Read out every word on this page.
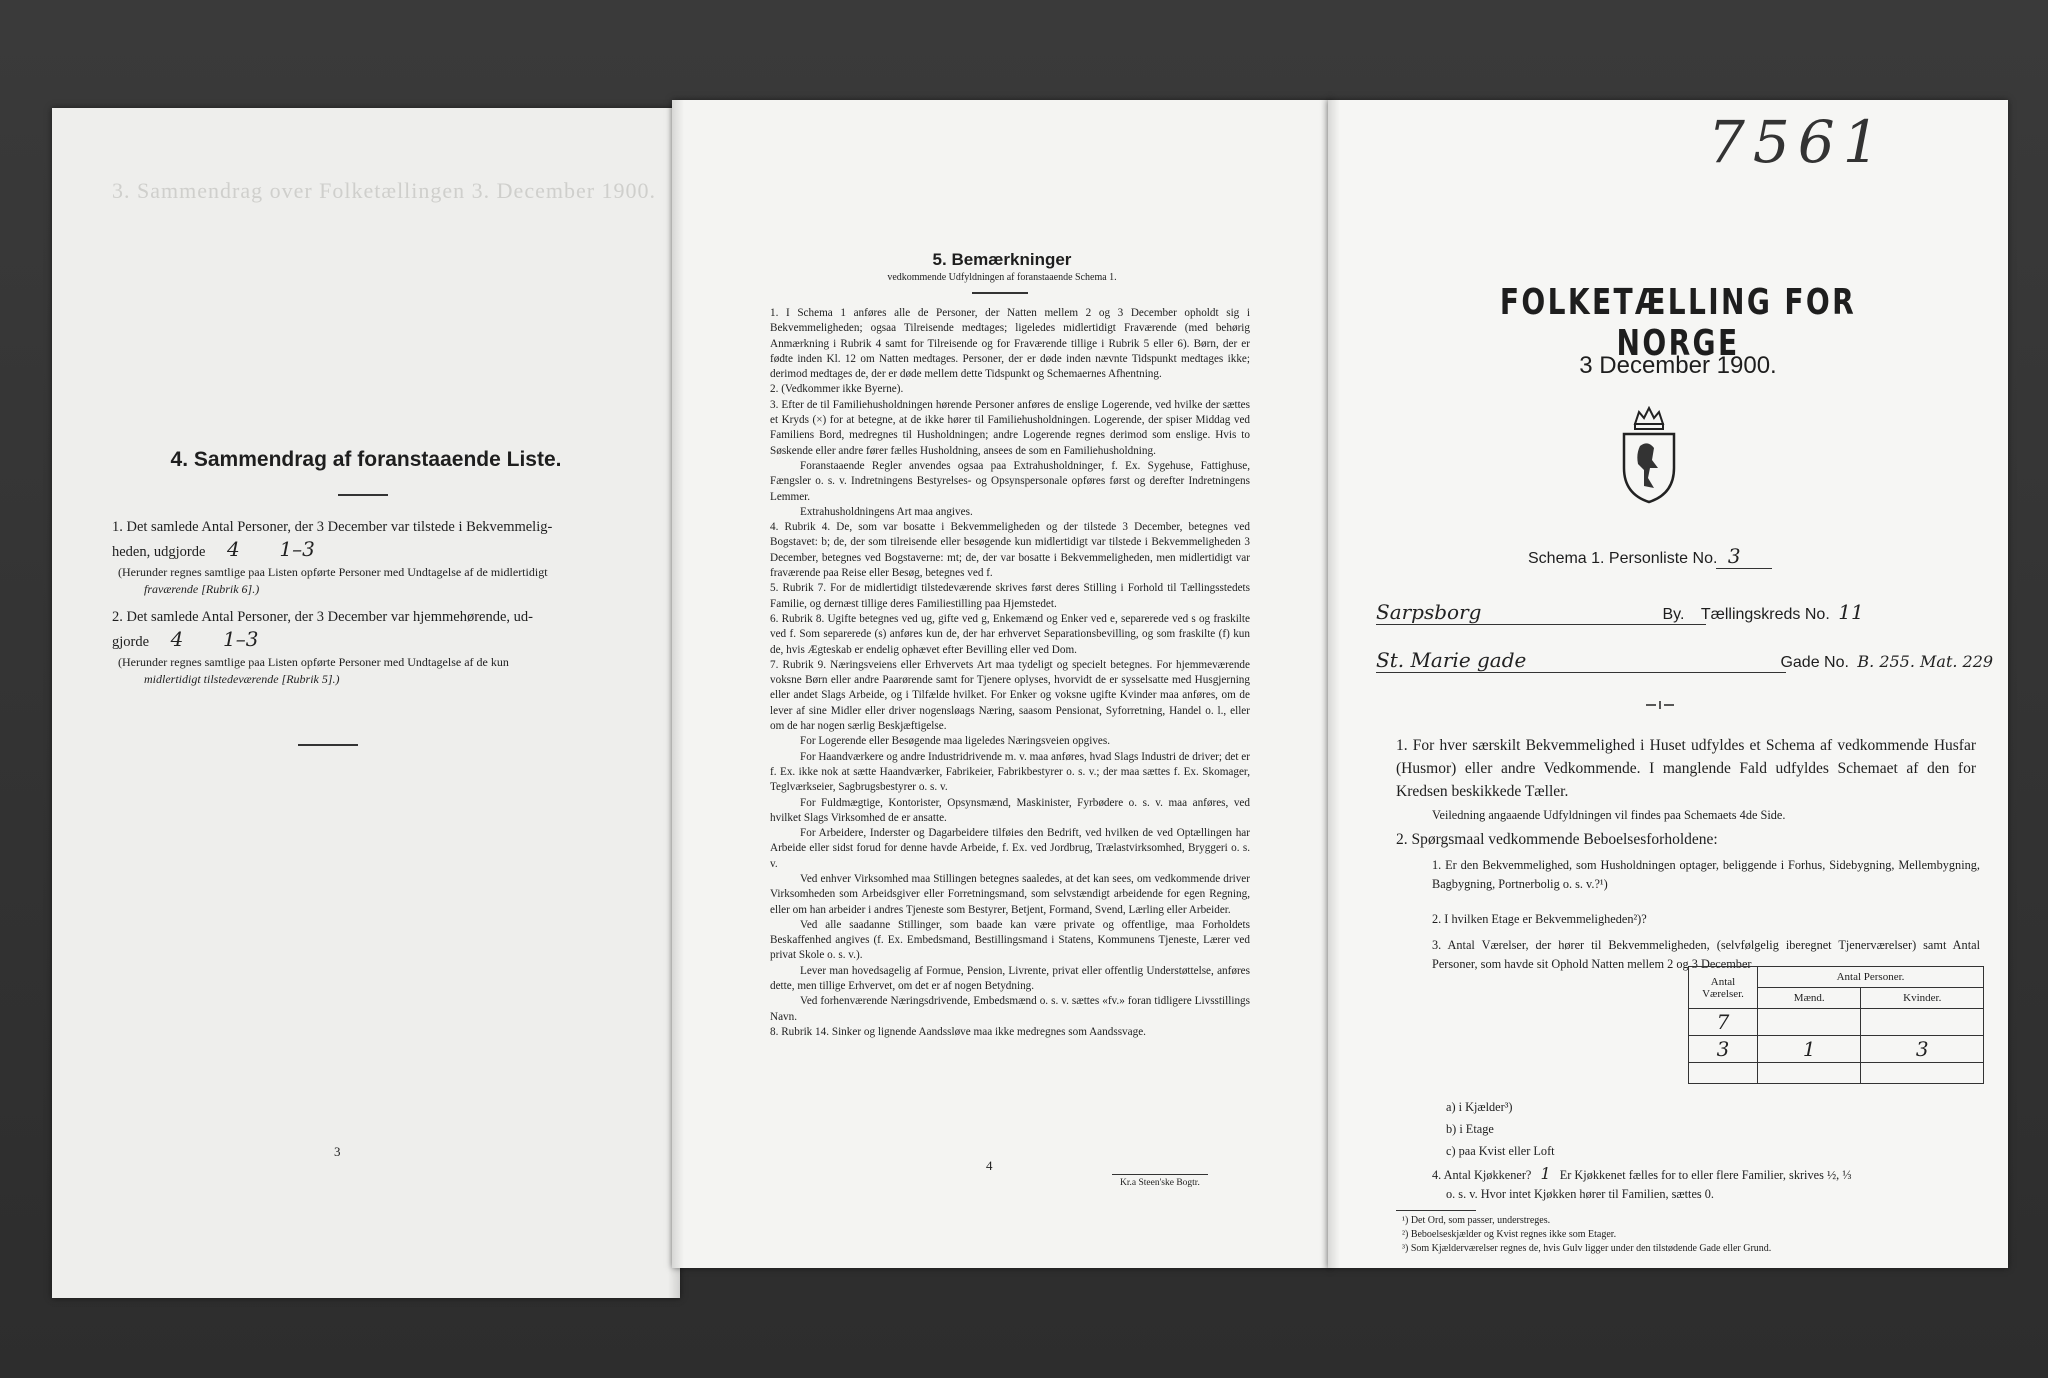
3. Sammendrag over Folketællingen 3. December 1900.
4. Sammendrag af foranstaaende Liste.
1. Det samlede Antal Personer, der 3 December var tilstede i Bekvemmelig-
heden, udgjorde 4 1–3
(Herunder regnes samtlige paa Listen opførte Personer med Undtagelse af de midlertidigt
fraværende [Rubrik 6].)
2. Det samlede Antal Personer, der 3 December var hjemmehørende, ud-
gjorde 4 1–3
(Herunder regnes samtlige paa Listen opførte Personer med Undtagelse af de kun
midlertidigt tilstedeværende [Rubrik 5].)
3
5. Bemærkninger
vedkommende Udfyldningen af foranstaaende Schema 1.
1. I Schema 1 anføres alle de Personer, der Natten mellem 2 og 3 December opholdt sig i Bekvemmeligheden; ogsaa Tilreisende medtages; ligeledes midlertidigt Fraværende (med behørig Anmærkning i Rubrik 4 samt for Tilreisende og for Fraværende tillige i Rubrik 5 eller 6). Børn, der er fødte inden Kl. 12 om Natten medtages. Personer, der er døde inden nævnte Tidspunkt medtages ikke; derimod medtages de, der er døde mellem dette Tidspunkt og Schemaernes Afhentning.
2. (Vedkommer ikke Byerne).
3. Efter de til Familiehusholdningen hørende Personer anføres de enslige Logerende, ved hvilke der sættes et Kryds (×) for at betegne, at de ikke hører til Familiehusholdningen. Logerende, der spiser Middag ved Familiens Bord, medregnes til Husholdningen; andre Logerende regnes derimod som enslige. Hvis to Søskende eller andre fører fælles Husholdning, ansees de som en Familiehusholdning.
Foranstaaende Regler anvendes ogsaa paa Extrahusholdninger, f. Ex. Sygehuse, Fattighuse, Fængsler o. s. v. Indretningens Bestyrelses- og Opsynspersonale opføres først og derefter Indretningens Lemmer.
Extrahusholdningens Art maa angives.
4. Rubrik 4. De, som var bosatte i Bekvemmeligheden og der tilstede 3 December, betegnes ved Bogstavet: b; de, der som tilreisende eller besøgende kun midlertidigt var tilstede i Bekvemmeligheden 3 December, betegnes ved Bogstaverne: mt; de, der var bosatte i Bekvemmeligheden, men midlertidigt var fraværende paa Reise eller Besøg, betegnes ved f.
5. Rubrik 7. For de midlertidigt tilstedeværende skrives først deres Stilling i Forhold til Tællingsstedets Familie, og dernæst tillige deres Familiestilling paa Hjemstedet.
6. Rubrik 8. Ugifte betegnes ved ug, gifte ved g, Enkemænd og Enker ved e, separerede ved s og fraskilte ved f. Som separerede (s) anføres kun de, der har erhvervet Separationsbevilling, og som fraskilte (f) kun de, hvis Ægteskab er endelig ophævet efter Bevilling eller ved Dom.
7. Rubrik 9. Næringsveiens eller Erhvervets Art maa tydeligt og specielt betegnes. For hjemmeværende voksne Børn eller andre Paarørende samt for Tjenere oplyses, hvorvidt de er sysselsatte med Husgjerning eller andet Slags Arbeide, og i Tilfælde hvilket. For Enker og voksne ugifte Kvinder maa anføres, om de lever af sine Midler eller driver nogensløags Næring, saasom Pensionat, Syforretning, Handel o. l., eller om de har nogen særlig Beskjæftigelse.
For Logerende eller Besøgende maa ligeledes Næringsveien opgives.
For Haandværkere og andre Industridrivende m. v. maa anføres, hvad Slags Industri de driver; det er f. Ex. ikke nok at sætte Haandværker, Fabrikeier, Fabrikbestyrer o. s. v.; der maa sættes f. Ex. Skomager, Teglværkseier, Sagbrugsbestyrer o. s. v.
For Fuldmægtige, Kontorister, Opsynsmænd, Maskinister, Fyrbødere o. s. v. maa anføres, ved hvilket Slags Virksomhed de er ansatte.
For Arbeidere, Inderster og Dagarbeidere tilføies den Bedrift, ved hvilken de ved Optællingen har Arbeide eller sidst forud for denne havde Arbeide, f. Ex. ved Jordbrug, Trælastvirksomhed, Bryggeri o. s. v.
Ved enhver Virksomhed maa Stillingen betegnes saaledes, at det kan sees, om vedkommende driver Virksomheden som Arbeidsgiver eller Forretningsmand, som selvstændigt arbeidende for egen Regning, eller om han arbeider i andres Tjeneste som Bestyrer, Betjent, Formand, Svend, Lærling eller Arbeider.
Ved alle saadanne Stillinger, som baade kan være private og offentlige, maa Forholdets Beskaffenhed angives (f. Ex. Embedsmand, Bestillingsmand i Statens, Kommunens Tjeneste, Lærer ved privat Skole o. s. v.).
Lever man hovedsagelig af Formue, Pension, Livrente, privat eller offentlig Understøttelse, anføres dette, men tillige Erhvervet, om det er af nogen Betydning.
Ved forhenværende Næringsdrivende, Embedsmænd o. s. v. sættes «fv.» foran tidligere Livsstillings Navn.
8. Rubrik 14. Sinker og lignende Aandssløve maa ikke medregnes som Aandssvage.
4
Kr.a Steen'ske Bogtr.
7561
FOLKETÆLLING FOR NORGE
3 December 1900.
Schema 1. Personliste No. 3
Sarpsborg	By. Tællingskreds No. 11
St. Marie gade	Gade No. B. 255. Mat. 229
1. For hver særskilt Bekvemmelighed i Huset udfyldes et Schema af vedkommende Husfar (Husmor) eller andre Vedkommende. I manglende Fald udfyldes Schemaet af den for Kredsen beskikkede Tæller.
Veiledning angaaende Udfyldningen vil findes paa Schemaets 4de Side.
2. Spørgsmaal vedkommende Beboelsesforholdene:
1. Er den Bekvemmelighed, som Husholdningen optager, beliggende i Forhus, Sidebygning, Mellembygning, Bagbygning, Portnerbolig o. s. v.?¹)
2. I hvilken Etage er Bekvemmeligheden²)?
3. Antal Værelser, der hører til Bekvemmeligheden, (selvfølgelig iberegnet Tjenerværelser) samt Antal Personer, som havde sit Ophold Natten mellem 2 og 3 December
Antal Værelser.	Antal Personer.	
	Mænd.	Kvinder.
7		
3	1	3

a) i Kjælder³)
b) i Etage
c) paa Kvist eller Loft
4. Antal Kjøkkener? 1 Er Kjøkkenet fælles for to eller flere Familier, skrives ½, ⅓
o. s. v. Hvor intet Kjøkken hører til Familien, sættes 0.
¹) Det Ord, som passer, understreges.
²) Beboelseskjælder og Kvist regnes ikke som Etager.
³) Som Kjælderværelser regnes de, hvis Gulv ligger under den tilstødende Gade eller Grund.
